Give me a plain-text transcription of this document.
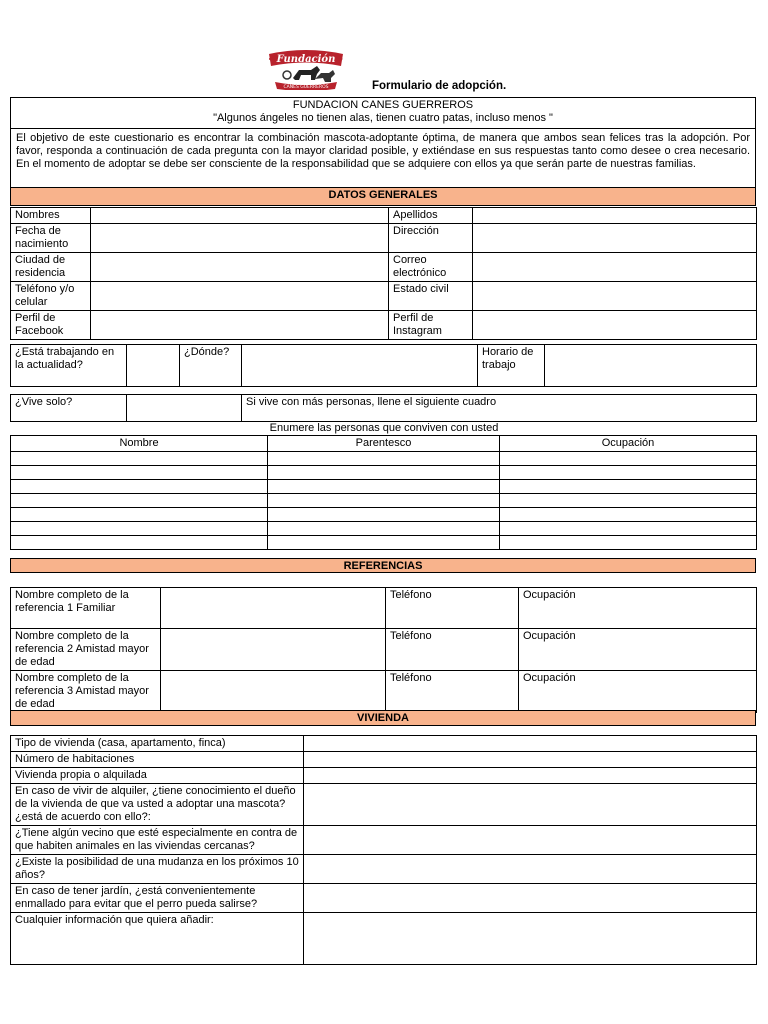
Fundación
CANES GUERREROS	Formulario de adopción.
FUNDACION CANES GUERREROS
"Algunos ángeles no tienen alas, tienen cuatro patas, incluso menos "

El objetivo de este cuestionario es encontrar la combinación mascota-adoptante óptima, de manera que ambos sean felices tras la adopción. Por favor, responda a continuación de cada pregunta con la mayor claridad posible, y extiéndase en sus respuestas tanto como desee o crea necesario. En el momento de adoptar se debe ser consciente de la responsabilidad que se adquiere con ellos ya que serán parte de nuestras familias.
DATOS GENERALES
Nombres		Apellidos	
Fecha de nacimiento		Dirección	
Ciudad de residencia		Correo electrónico	
Teléfono y/o celular		Estado civil	
Perfil de Facebook		Perfil de Instagram	
¿Está trabajando en la actualidad?		¿Dónde?		Horario de trabajo	
¿Vive solo?		Si vive con más personas, llene el siguiente cuadro
Enumere las personas que conviven con usted
Nombre	Parentesco	Ocupación

REFERENCIAS
Nombre completo de la referencia 1 Familiar		Teléfono	Ocupación
Nombre completo de la referencia 2 Amistad mayor de edad		Teléfono	Ocupación
Nombre completo de la referencia 3 Amistad mayor de edad		Teléfono	Ocupación
VIVIENDA
Tipo de vivienda (casa, apartamento, finca)	
Número de habitaciones	
Vivienda propia o alquilada	
En caso de vivir de alquiler, ¿tiene conocimiento el dueño de la vivienda de que va usted a adoptar una mascota? ¿está de acuerdo con ello?:	
¿Tiene algún vecino que esté especialmente en contra de que habiten animales en las viviendas cercanas?	
¿Existe la posibilidad de una mudanza en los próximos 10 años?	
En caso de tener jardín, ¿está convenientemente enmallado para evitar que el perro pueda salirse?	
Cualquier información que quiera añadir:	
